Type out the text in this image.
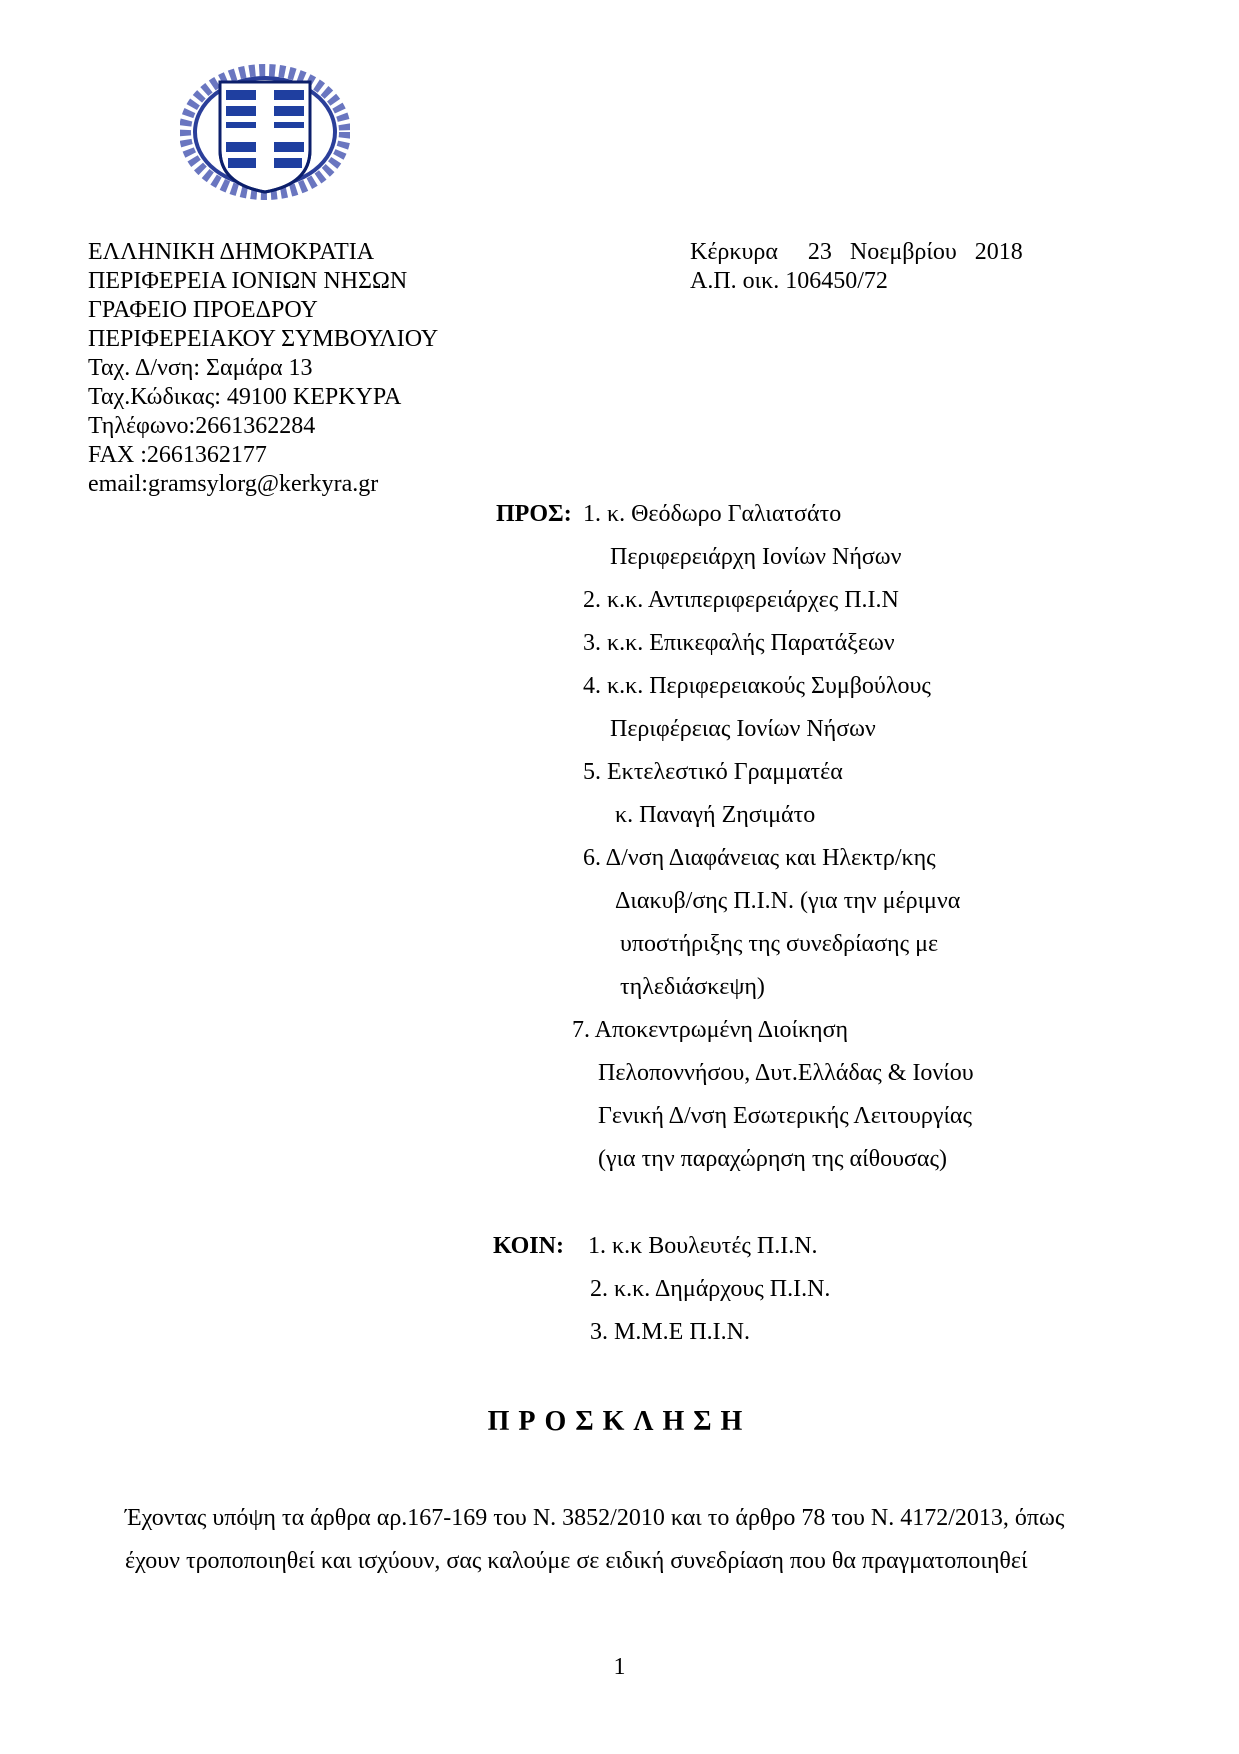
ΕΛΛΗΝΙΚΗ ΔΗΜΟΚΡΑΤΙΑ
ΠΕΡΙΦΕΡΕΙΑ ΙΟΝΙΩΝ ΝΗΣΩΝ
ΓΡΑΦΕΙΟ ΠΡΟΕΔΡΟΥ
ΠΕΡΙΦΕΡΕΙΑΚΟΥ ΣΥΜΒΟΥΛΙΟΥ
Ταχ. Δ/νση: Σαμάρα 13
Ταχ.Κώδικας: 49100 ΚΕΡΚΥΡΑ
Τηλέφωνο:2661362284
FAX :2661362177
email:gramsylorg@kerkyra.gr
Κέρκυρα 23 Νοεμβρίου 2018
Α.Π. οικ. 106450/72
ΠΡΟΣ: 1. κ. Θεόδωρο Γαλιατσάτο
Περιφερειάρχη Ιονίων Νήσων
2. κ.κ. Αντιπεριφερειάρχες Π.Ι.Ν
3. κ.κ. Επικεφαλής Παρατάξεων
4. κ.κ. Περιφερειακούς Συμβούλους
Περιφέρειας Ιονίων Νήσων
5. Εκτελεστικό Γραμματέα
κ. Παναγή Ζησιμάτο
6. Δ/νση Διαφάνειας και Ηλεκτρ/κης
Διακυβ/σης Π.Ι.Ν. (για την μέριμνα
υποστήριξης της συνεδρίασης με
τηλεδιάσκεψη)
7. Αποκεντρωμένη Διοίκηση
Πελοποννήσου, Δυτ.Ελλάδας & Ιονίου
Γενική Δ/νση Εσωτερικής Λειτουργίας
(για την παραχώρηση της αίθουσας)
ΚΟΙΝ: 1. κ.κ Βουλευτές Π.Ι.Ν.
2. κ.κ. Δημάρχους Π.Ι.Ν.
3. Μ.Μ.Ε Π.Ι.Ν.
ΠΡΟΣΚΛΗΣΗ
Έχοντας υπόψη τα άρθρα αρ.167-169 του Ν. 3852/2010 και το άρθρο 78 του Ν. 4172/2013, όπως
έχουν τροποποιηθεί και ισχύουν, σας καλούμε σε ειδική συνεδρίαση που θα πραγματοποιηθεί
1
